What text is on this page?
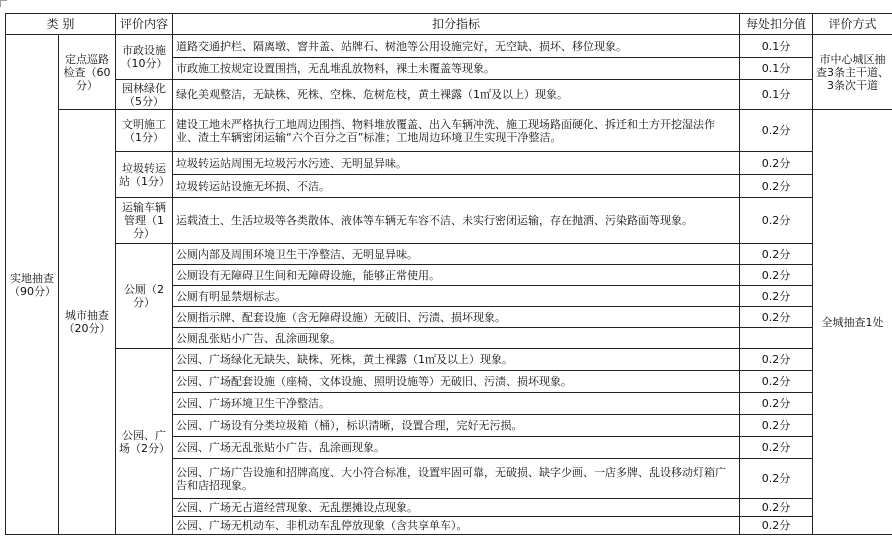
类 别		评价内容	扣分指标	每处扣分值	评价方式
实地抽查（90分）	定点巡路检查（60分）	市政设施（10分）	道路交通护栏、隔离墩、窨井盖、站牌石、树池等公用设施完好，无空缺、损坏、移位现象。	0.1分	市中心城区抽查3条主干道、3条次干道
			市政施工按规定设置围挡，无乱堆乱放物料，裸土未覆盖等现象。	0.1分	
		园林绿化（5分）	绿化美观整洁，无缺株、死株、空株、危树危枝，黄土裸露（1㎡及以上）现象。	0.1分	
	城市抽查（20分）	文明施工（1分）	建设工地未严格执行工地周边围挡、物料堆放覆盖、出入车辆冲洗、施工现场路面硬化、拆迁和土方开挖湿法作业、渣土车辆密闭运输“六个百分之百”标准；工地周边环境卫生实现干净整洁。	0.2分	全城抽查1处
		垃圾转运站（1分）	垃圾转运站周围无垃圾污水污迹、无明显异味。	0.2分	
			垃圾转运站设施无坏损、不洁。	0.2分	
		运输车辆管理（1分）	运载渣土、生活垃圾等各类散体、液体等车辆无车容不洁、未实行密闭运输，存在抛洒、污染路面等现象。	0.2分	
		公厕（2分）	公厕内部及周围环境卫生干净整洁、无明显异味。	0.2分	
			公厕设有无障碍卫生间和无障碍设施，能够正常使用。	0.2分	
			公厕有明显禁烟标志。	0.2分	
			公厕指示牌、配套设施（含无障碍设施）无破旧、污渍、损坏现象。	0.2分	
			公厕乱张贴小广告、乱涂画现象。		
		公园、广场（2分）	公园、广场绿化无缺失、缺株、死株，黄土裸露（1㎡及以上）现象。	0.2分	
			公园、广场配套设施（座椅、文体设施、照明设施等）无破旧、污渍、损坏现象。	0.2分	
			公园、广场环境卫生干净整洁。	0.2分	
			公园、广场设有分类垃圾箱（桶），标识清晰，设置合理，完好无污损。	0.2分	
			公园、广场无乱张贴小广告、乱涂画现象。	0.2分	
			公园、广场广告设施和招牌高度、大小符合标准，设置牢固可靠，无破损、缺字少画、一店多牌、乱设移动灯箱广告和店招现象。	0.2分	
			公园、广场无占道经营现象、无乱摆摊设点现象。	0.2分	
			公园、广场无机动车、非机动车乱停放现象（含共享单车）。	0.2分	
